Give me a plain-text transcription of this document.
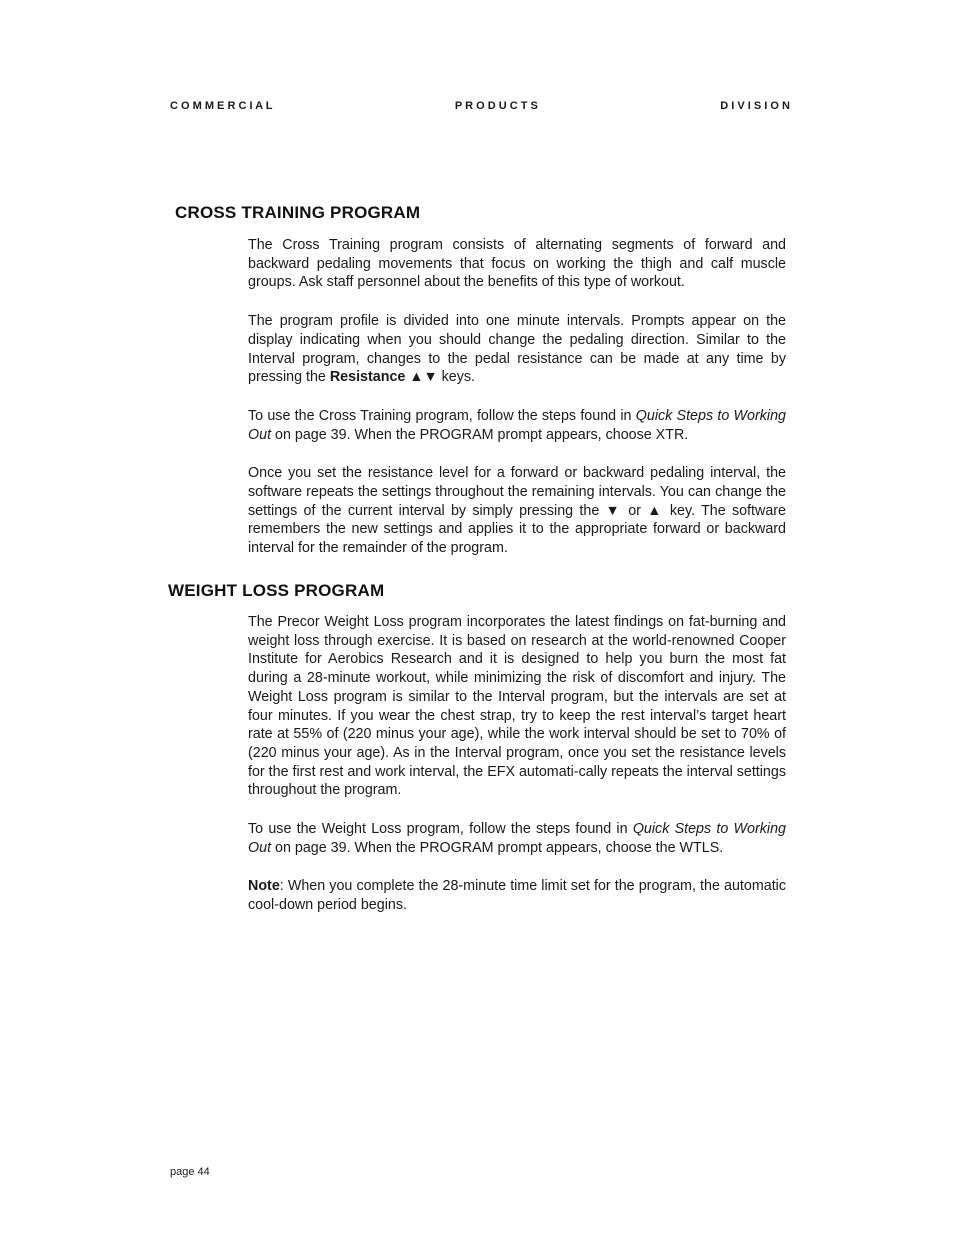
C O M M E R C I A L	P R O D U C T S	D I V I S I O N
CROSS TRAINING PROGRAM

The Cross Training program consists of alternating segments of forward and backward pedaling movements that focus on working the thigh and calf muscle groups. Ask staff personnel about the benefits of this type of workout.

The program profile is divided into one minute intervals. Prompts appear on the display indicating when you should change the pedaling direction. Similar to the Interval program, changes to the pedal resistance can be made at any time by pressing the Resistance ▲▼ keys.

To use the Cross Training program, follow the steps found in Quick Steps to Working Out on page 39. When the PROGRAM prompt appears, choose XTR.

Once you set the resistance level for a forward or backward pedaling interval, the software repeats the settings throughout the remaining intervals. You can change the settings of the current interval by simply pressing the ▼ or ▲ key. The software remembers the new settings and applies it to the appropriate forward or backward interval for the remainder of the program.

WEIGHT LOSS PROGRAM

The Precor Weight Loss program incorporates the latest findings on fat-burning and weight loss through exercise. It is based on research at the world-renowned Cooper Institute for Aerobics Research and it is designed to help you burn the most fat during a 28-minute workout, while minimizing the risk of discomfort and injury. The Weight Loss program is similar to the Interval program, but the intervals are set at four minutes. If you wear the chest strap, try to keep the rest interval’s target heart rate at 55% of (220 minus your age), while the work interval should be set to 70% of (220 minus your age). As in the Interval program, once you set the resistance levels for the first rest and work interval, the EFX automati-cally repeats the interval settings throughout the program.

To use the Weight Loss program, follow the steps found in Quick Steps to Working Out on page 39. When the PROGRAM prompt appears, choose the WTLS.

Note: When you complete the 28-minute time limit set for the program, the automatic cool-down period begins.

page 44
